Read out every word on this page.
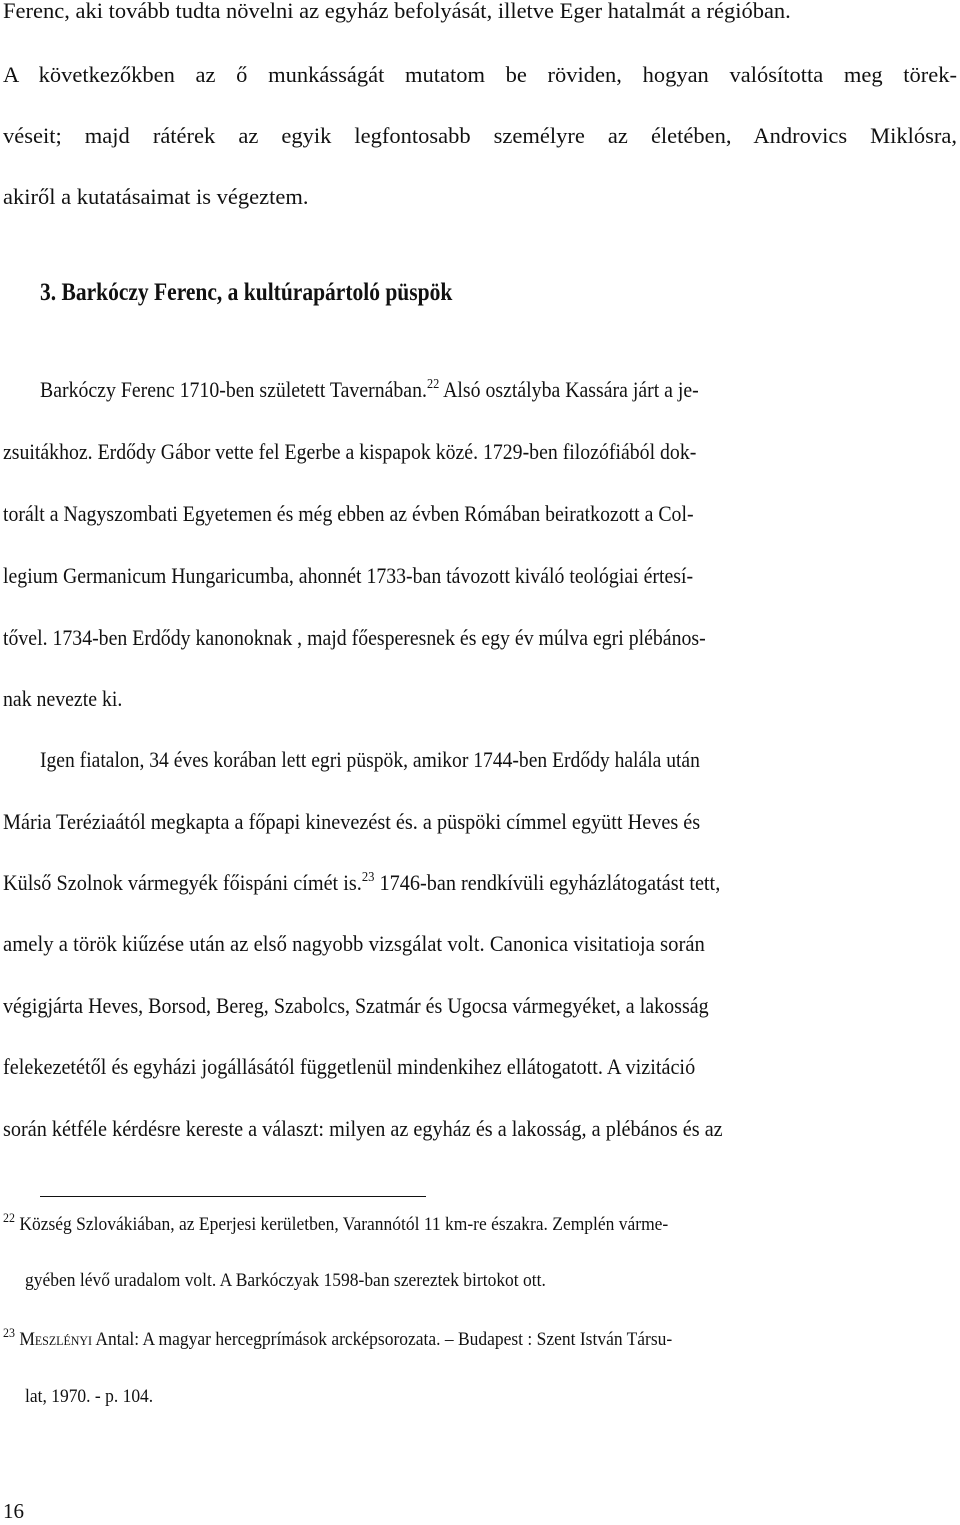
Ferenc, aki tovább tudta növelni az egyház befolyását, illetve Eger hatalmát a régióban.
A következőkben az ő munkásságát mutatom be röviden, hogyan valósította meg törek-
véseit; majd rátérek az egyik legfontosabb személyre az életében, Androvics Miklósra,
akiről a kutatásaimat is végeztem.
3. Barkóczy Ferenc, a kultúrapártoló püspök
Barkóczy Ferenc 1710-ben született Tavernában.$^{22}$ Alsó osztályba Kassára járt a je-
zsuitákhoz. Erdődy Gábor vette fel Egerbe a kispapok közé. 1729-ben filozófiából dok-
torált a Nagyszombati Egyetemen és még ebben az évben Rómában beiratkozott a Col-
legium Germanicum Hungaricumba, ahonnét 1733-ban távozott kiváló teológiai értesí-
tővel. 1734-ben Erdődy kanonoknak , majd főesperesnek és egy év múlva egri plébános-
nak nevezte ki.
Igen fiatalon, 34 éves korában lett egri püspök, amikor 1744-ben Erdődy halála után
Mária Teréziaától megkapta a főpapi kinevezést és. a püspöki címmel együtt Heves és
Külső Szolnok vármegyék főispáni címét is.$^{23}$ 1746-ban rendkívüli egyházlátogatást tett,
amely a török kiűzése után az első nagyobb vizsgálat volt. Canonica visitatioja során
végigjárta Heves, Borsod, Bereg, Szabolcs, Szatmár és Ugocsa vármegyéket, a lakosság
felekezetétől és egyházi jogállásától függetlenül mindenkihez ellátogatott. A vizitáció
során kétféle kérdésre kereste a választ: milyen az egyház és a lakosság, a plébános és az
$^{22}$ Község Szlovákiában, az Eperjesi kerületben, Varannótól 11 km-re északra. Zemplén várme-
gyében lévő uradalom volt. A Barkóczyak 1598-ban szereztek birtokot ott.
$^{23}$ Meszlényi Antal: A magyar hercegprímások arcképsorozata. – Budapest : Szent István Társu-
lat, 1970. - p. 104.
16
